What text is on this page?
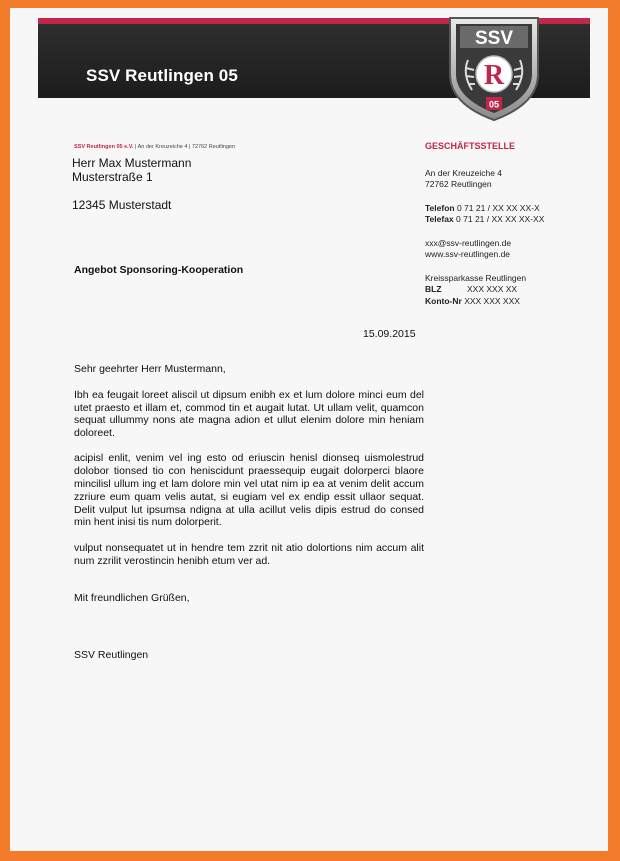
SSV Reutlingen 05
SSV
R
05
SSV Reutlingen 05 e.V. | An der Kreuzeiche 4 | 72762 Reutlingen
Herr Max Mustermann
Musterstraße 1
12345 Musterstadt
Angebot Sponsoring-Kooperation
GESCHÄFTSSTELLE
An der Kreuzeiche 4
72762 Reutlingen
Telefon 0 71 21 / XX XX XX-X
Telefax 0 71 21 / XX XX XX-XX
xxx@ssv-reutlingen.de
www.ssv-reutlingen.de
Kreissparkasse Reutlingen
BLZ	XXX XXX XX
Konto-Nr XXX XXX XXX
15.09.2015

Sehr geehrter Herr Mustermann,

Ibh ea feugait loreet aliscil ut dipsum enibh ex et lum dolore minci eum del utet praesto et illam et, commod tin et augait lutat. Ut ullam velit, quamcon sequat ullummy nons ate magna adion et ullut elenim dolore min heniam doloreet.

acipisl enlit, venim vel ing esto od eriuscin henisl dionseq uismolestrud dolobor tionsed tio con heniscidunt praessequip eugait dolorperci blaore mincilisl ullum ing et lam dolore min vel utat nim ip ea at venim delit accum zzriure eum quam velis autat, si eugiam vel ex endip essit ullaor sequat. Delit vulput lut ipsumsa ndigna at ulla acillut velis dipis estrud do consed min hent inisi tis num dolorperit.

vulput nonsequatet ut in hendre tem zzrit nit atio dolortions nim accum alit num zzrilit verostincin henibh etum ver ad.

Mit freundlichen Grüßen,
SSV Reutlingen
